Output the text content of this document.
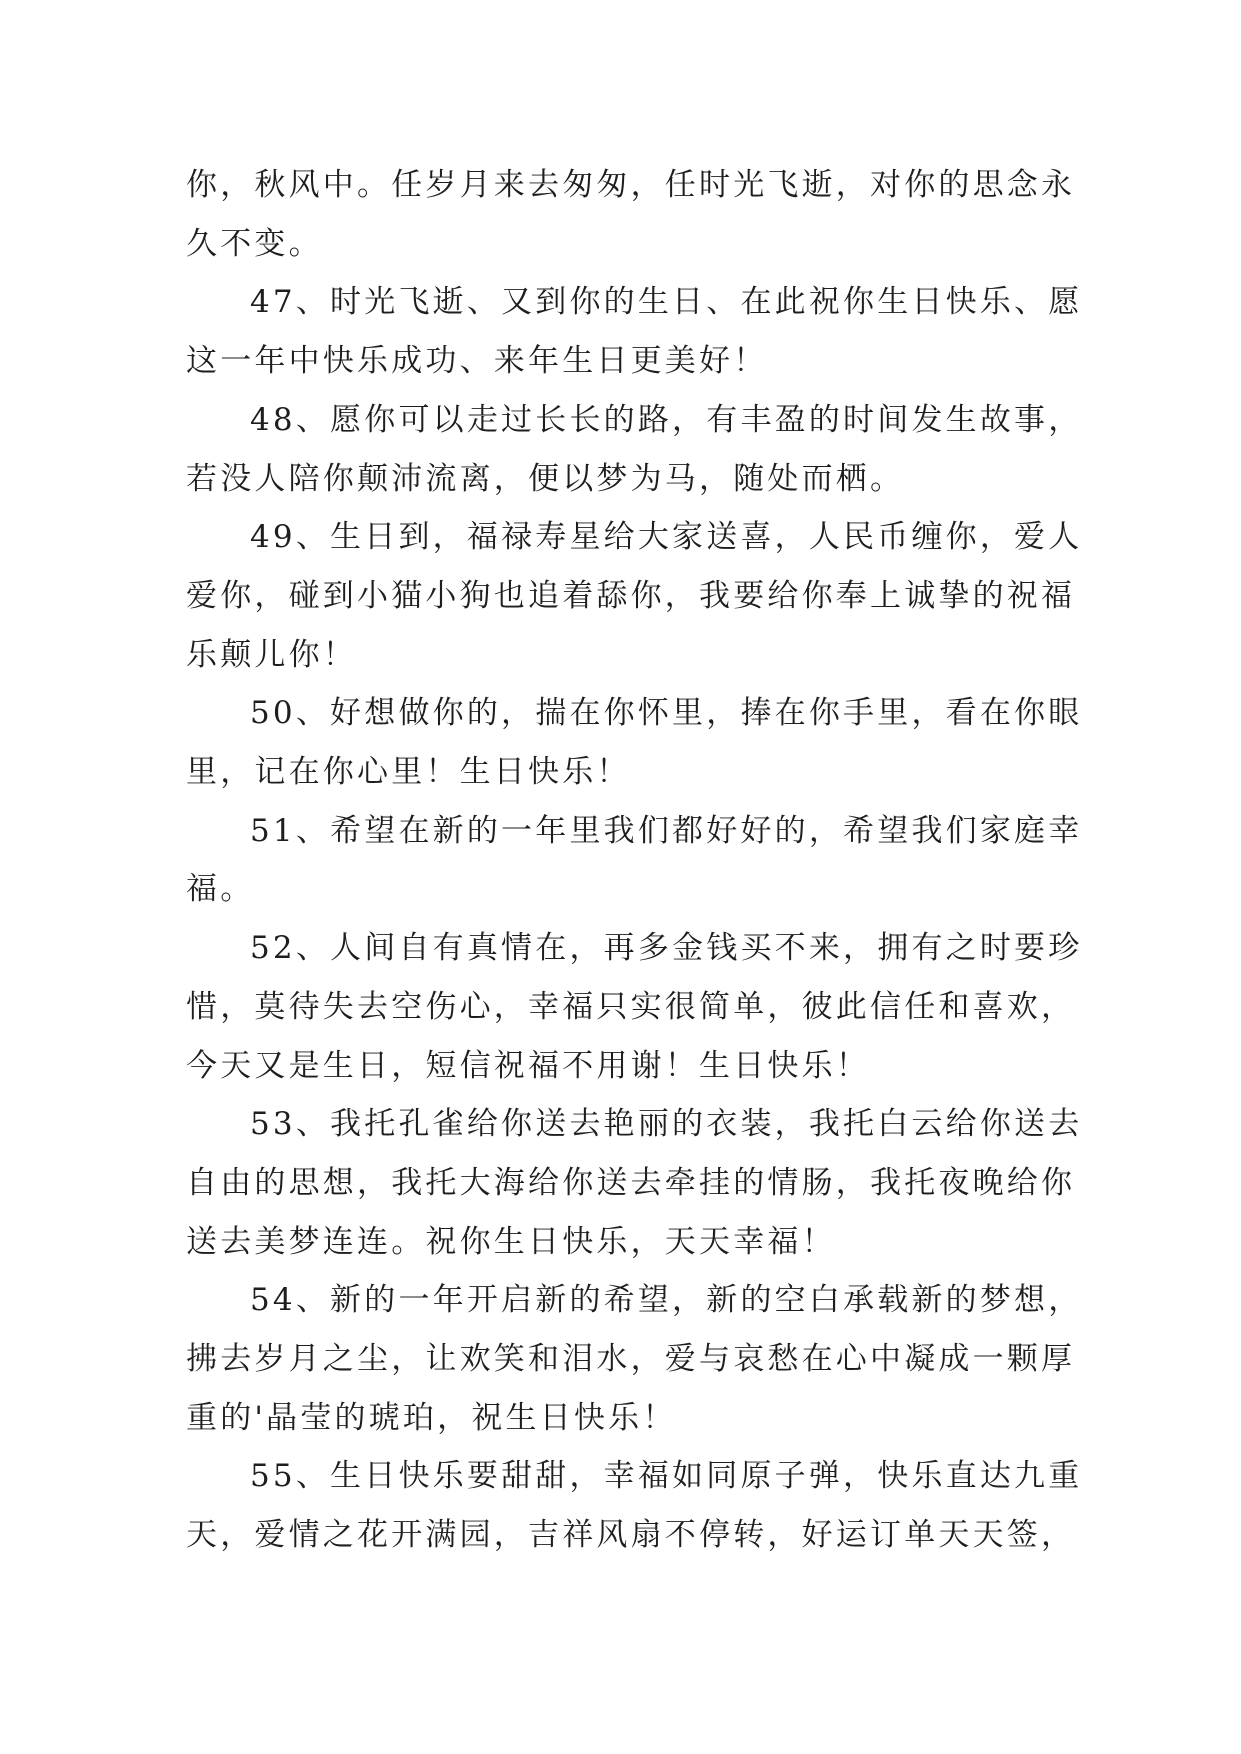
你，秋风中。任岁月来去匆匆，任时光飞逝，对你的思念永
久不变。

47、时光飞逝、又到你的生日、在此祝你生日快乐、愿
这一年中快乐成功、来年生日更美好！

48、愿你可以走过长长的路，有丰盈的时间发生故事，
若没人陪你颠沛流离，便以梦为马，随处而栖。

49、生日到，福禄寿星给大家送喜，人民币缠你，爱人
爱你，碰到小猫小狗也追着舔你，我要给你奉上诚挚的祝福
乐颠儿你！

50、好想做你的，揣在你怀里，捧在你手里，看在你眼
里，记在你心里！生日快乐！

51、希望在新的一年里我们都好好的，希望我们家庭幸
福。

52、人间自有真情在，再多金钱买不来，拥有之时要珍
惜，莫待失去空伤心，幸福只实很简单，彼此信任和喜欢，
今天又是生日，短信祝福不用谢！生日快乐！

53、我托孔雀给你送去艳丽的衣装，我托白云给你送去
自由的思想，我托大海给你送去牵挂的情肠，我托夜晚给你
送去美梦连连。祝你生日快乐，天天幸福！

54、新的一年开启新的希望，新的空白承载新的梦想，
拂去岁月之尘，让欢笑和泪水，爱与哀愁在心中凝成一颗厚
重的'晶莹的琥珀，祝生日快乐！

55、生日快乐要甜甜，幸福如同原子弹，快乐直达九重
天，爱情之花开满园，吉祥风扇不停转，好运订单天天签，
